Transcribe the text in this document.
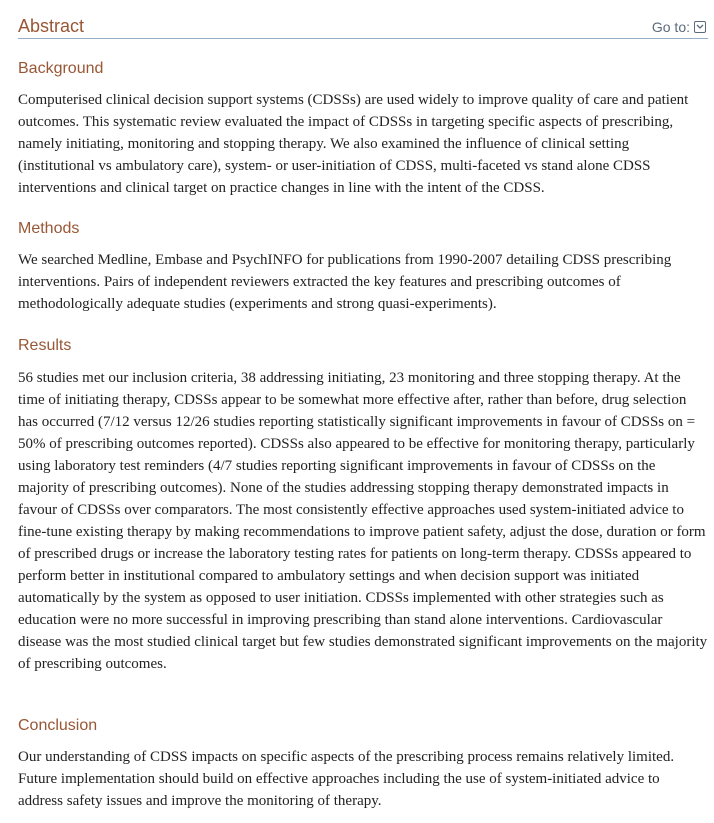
Abstract	Go to:
Background

Computerised clinical decision support systems (CDSSs) are used widely to improve quality of care and patient outcomes. This systematic review evaluated the impact of CDSSs in targeting specific aspects of prescribing, namely initiating, monitoring and stopping therapy. We also examined the influence of clinical setting (institutional vs ambulatory care), system- or user-initiation of CDSS, multi-faceted vs stand alone CDSS interventions and clinical target on practice changes in line with the intent of the CDSS.

Methods

We searched Medline, Embase and PsychINFO for publications from 1990-2007 detailing CDSS prescribing interventions. Pairs of independent reviewers extracted the key features and prescribing outcomes of methodologically adequate studies (experiments and strong quasi-experiments).

Results

56 studies met our inclusion criteria, 38 addressing initiating, 23 monitoring and three stopping therapy. At the time of initiating therapy, CDSSs appear to be somewhat more effective after, rather than before, drug selection has occurred (7/12 versus 12/26 studies reporting statistically significant improvements in favour of CDSSs on = 50% of prescribing outcomes reported). CDSSs also appeared to be effective for monitoring therapy, particularly using laboratory test reminders (4/7 studies reporting significant improvements in favour of CDSSs on the majority of prescribing outcomes). None of the studies addressing stopping therapy demonstrated impacts in favour of CDSSs over comparators. The most consistently effective approaches used system-initiated advice to fine-tune existing therapy by making recommendations to improve patient safety, adjust the dose, duration or form of prescribed drugs or increase the laboratory testing rates for patients on long-term therapy. CDSSs appeared to perform better in institutional compared to ambulatory settings and when decision support was initiated automatically by the system as opposed to user initiation. CDSSs implemented with other strategies such as education were no more successful in improving prescribing than stand alone interventions. Cardiovascular disease was the most studied clinical target but few studies demonstrated significant improvements on the majority of prescribing outcomes.

Conclusion

Our understanding of CDSS impacts on specific aspects of the prescribing process remains relatively limited. Future implementation should build on effective approaches including the use of system-initiated advice to address safety issues and improve the monitoring of therapy.
